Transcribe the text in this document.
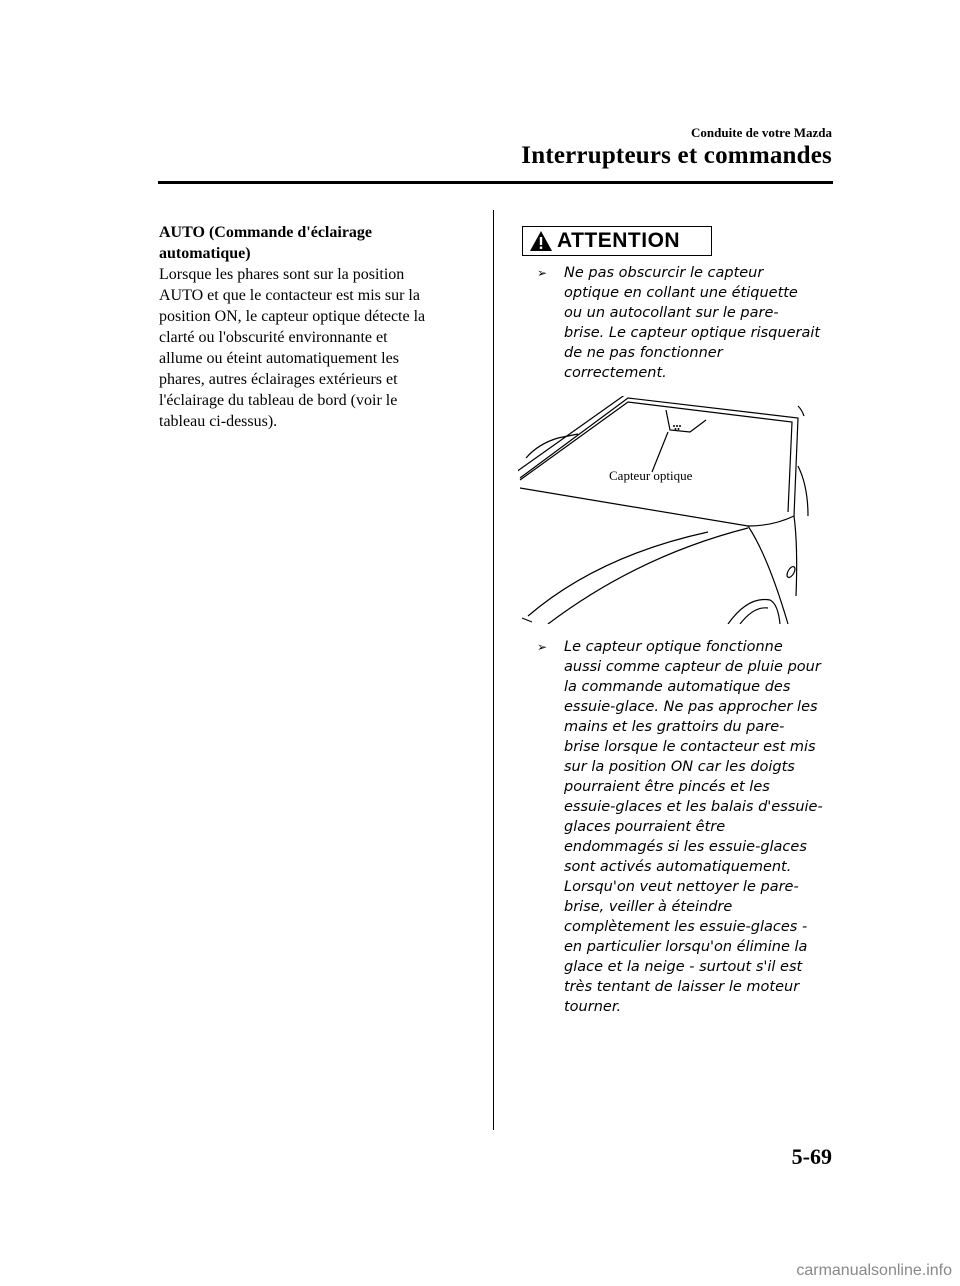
Conduite de votre Mazda
Interrupteurs et commandes
AUTO (Commande d'éclairage
automatique)
Lorsque les phares sont sur la position
AUTO et que le contacteur est mis sur la
position ON, le capteur optique détecte la
clarté ou l'obscurité environnante et
allume ou éteint automatiquement les
phares, autres éclairages extérieurs et
l'éclairage du tableau de bord (voir le
tableau ci-dessus).
ATTENTION
➢ Ne pas obscurcir le capteur
optique en collant une étiquette
ou un autocollant sur le pare-
brise. Le capteur optique risquerait
de ne pas fonctionner
correctement.
Capteur optique
➢ Le capteur optique fonctionne
aussi comme capteur de pluie pour
la commande automatique des
essuie-glace. Ne pas approcher les
mains et les grattoirs du pare-
brise lorsque le contacteur est mis
sur la position ON car les doigts
pourraient être pincés et les
essuie-glaces et les balais d'essuie-
glaces pourraient être
endommagés si les essuie-glaces
sont activés automatiquement.
Lorsqu'on veut nettoyer le pare-
brise, veiller à éteindre
complètement les essuie-glaces -
en particulier lorsqu'on élimine la
glace et la neige - surtout s'il est
très tentant de laisser le moteur
tourner.
5-69
carmanualsonline.info
